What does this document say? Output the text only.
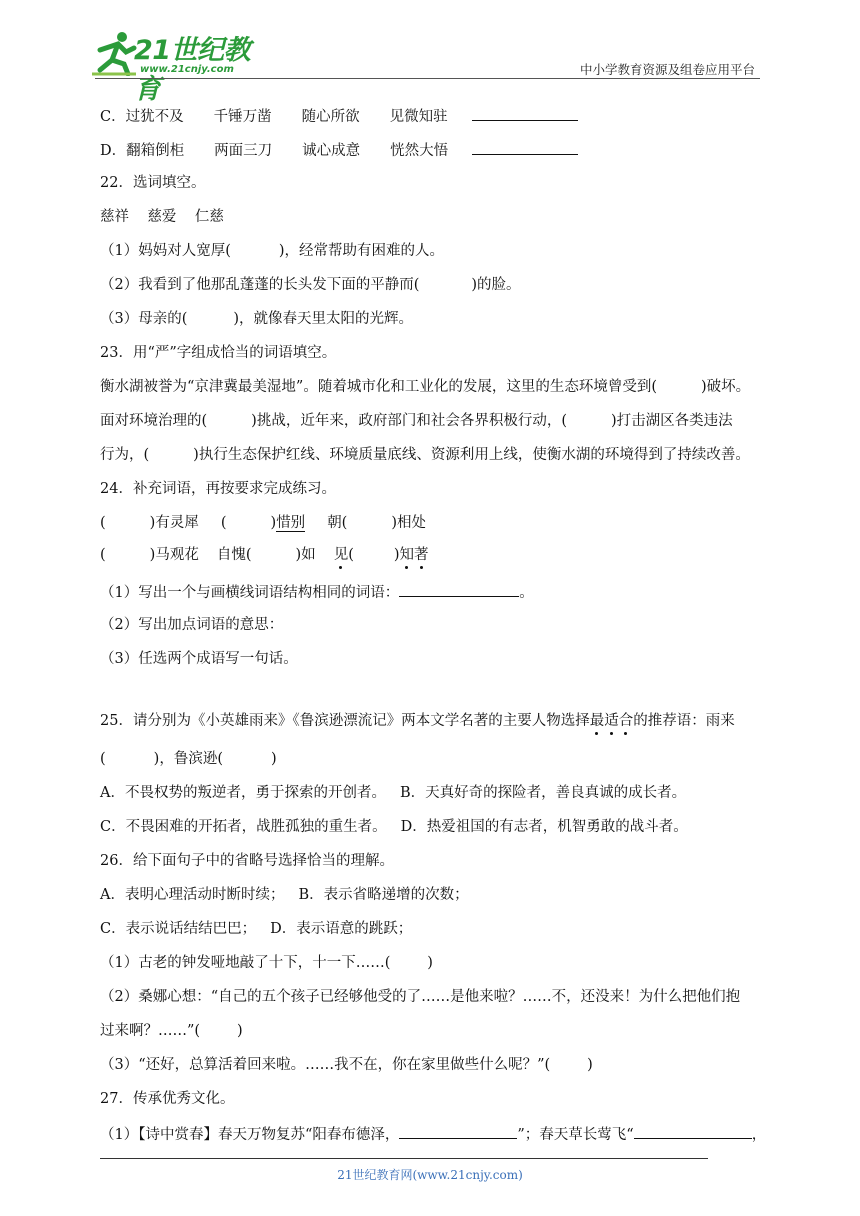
21世纪教育
www.21cnjy.com	中小学教育资源及组卷应用平台
C．过犹不及 千锤万凿 随心所欲 见微知驻
D．翻箱倒柜 两面三刀 诚心成意 恍然大悟
22．选词填空。
慈祥    慈爱    仁慈
（1）妈妈对人宽厚(	)，经常帮助有困难的人。
（2）我看到了他那乱蓬蓬的长头发下面的平静而(	)的脸。
（3）母亲的(	)，就像春天里太阳的光辉。
23．用“严”字组成恰当的词语填空。
衡水湖被誉为“京津冀最美湿地”。随着城市化和工业化的发展，这里的生态环境曾受到(	)破坏。
面对环境治理的(	)挑战，近年来，政府部门和社会各界积极行动，(	)打击湖区各类违法
行为，(	)执行生态保护红线、环境质量底线、资源利用上线，使衡水湖的环境得到了持续改善。
24．补充词语，再按要求完成练习。
(	)有灵犀 (	)惜别 朝(	)相处
(	)马观花 自愧(	)如 见(	)知著
（1）写出一个与画横线词语结构相同的词语：	。
（2）写出加点词语的意思：
（3）任选两个成语写一句话。
25．请分别为《小英雄雨来》《鲁滨逊漂流记》两本文学名著的主要人物选择最适合的推荐语：雨来
(	)，鲁滨逊(	)
A．不畏权势的叛逆者，勇于探索的开创者。 B．天真好奇的探险者，善良真诚的成长者。
C．不畏困难的开拓者，战胜孤独的重生者。 D．热爱祖国的有志者，机智勇敢的战斗者。
26．给下面句子中的省略号选择恰当的理解。
A．表明心理活动时断时续； B．表示省略递增的次数；
C．表示说话结结巴巴； D．表示语意的跳跃；
（1）古老的钟发哑地敲了十下，十一下……(        )
（2）桑娜心想：“自己的五个孩子已经够他受的了……是他来啦？……不，还没来！为什么把他们抱
过来啊？……”(        )
（3）“还好，总算活着回来啦。……我不在，你在家里做些什么呢？”(        )
27．传承优秀文化。
（1）【诗中赏春】春天万物复苏“阳春布德泽，	”；春天草长莺飞“	，
21世纪教育网(www.21cnjy.com)
